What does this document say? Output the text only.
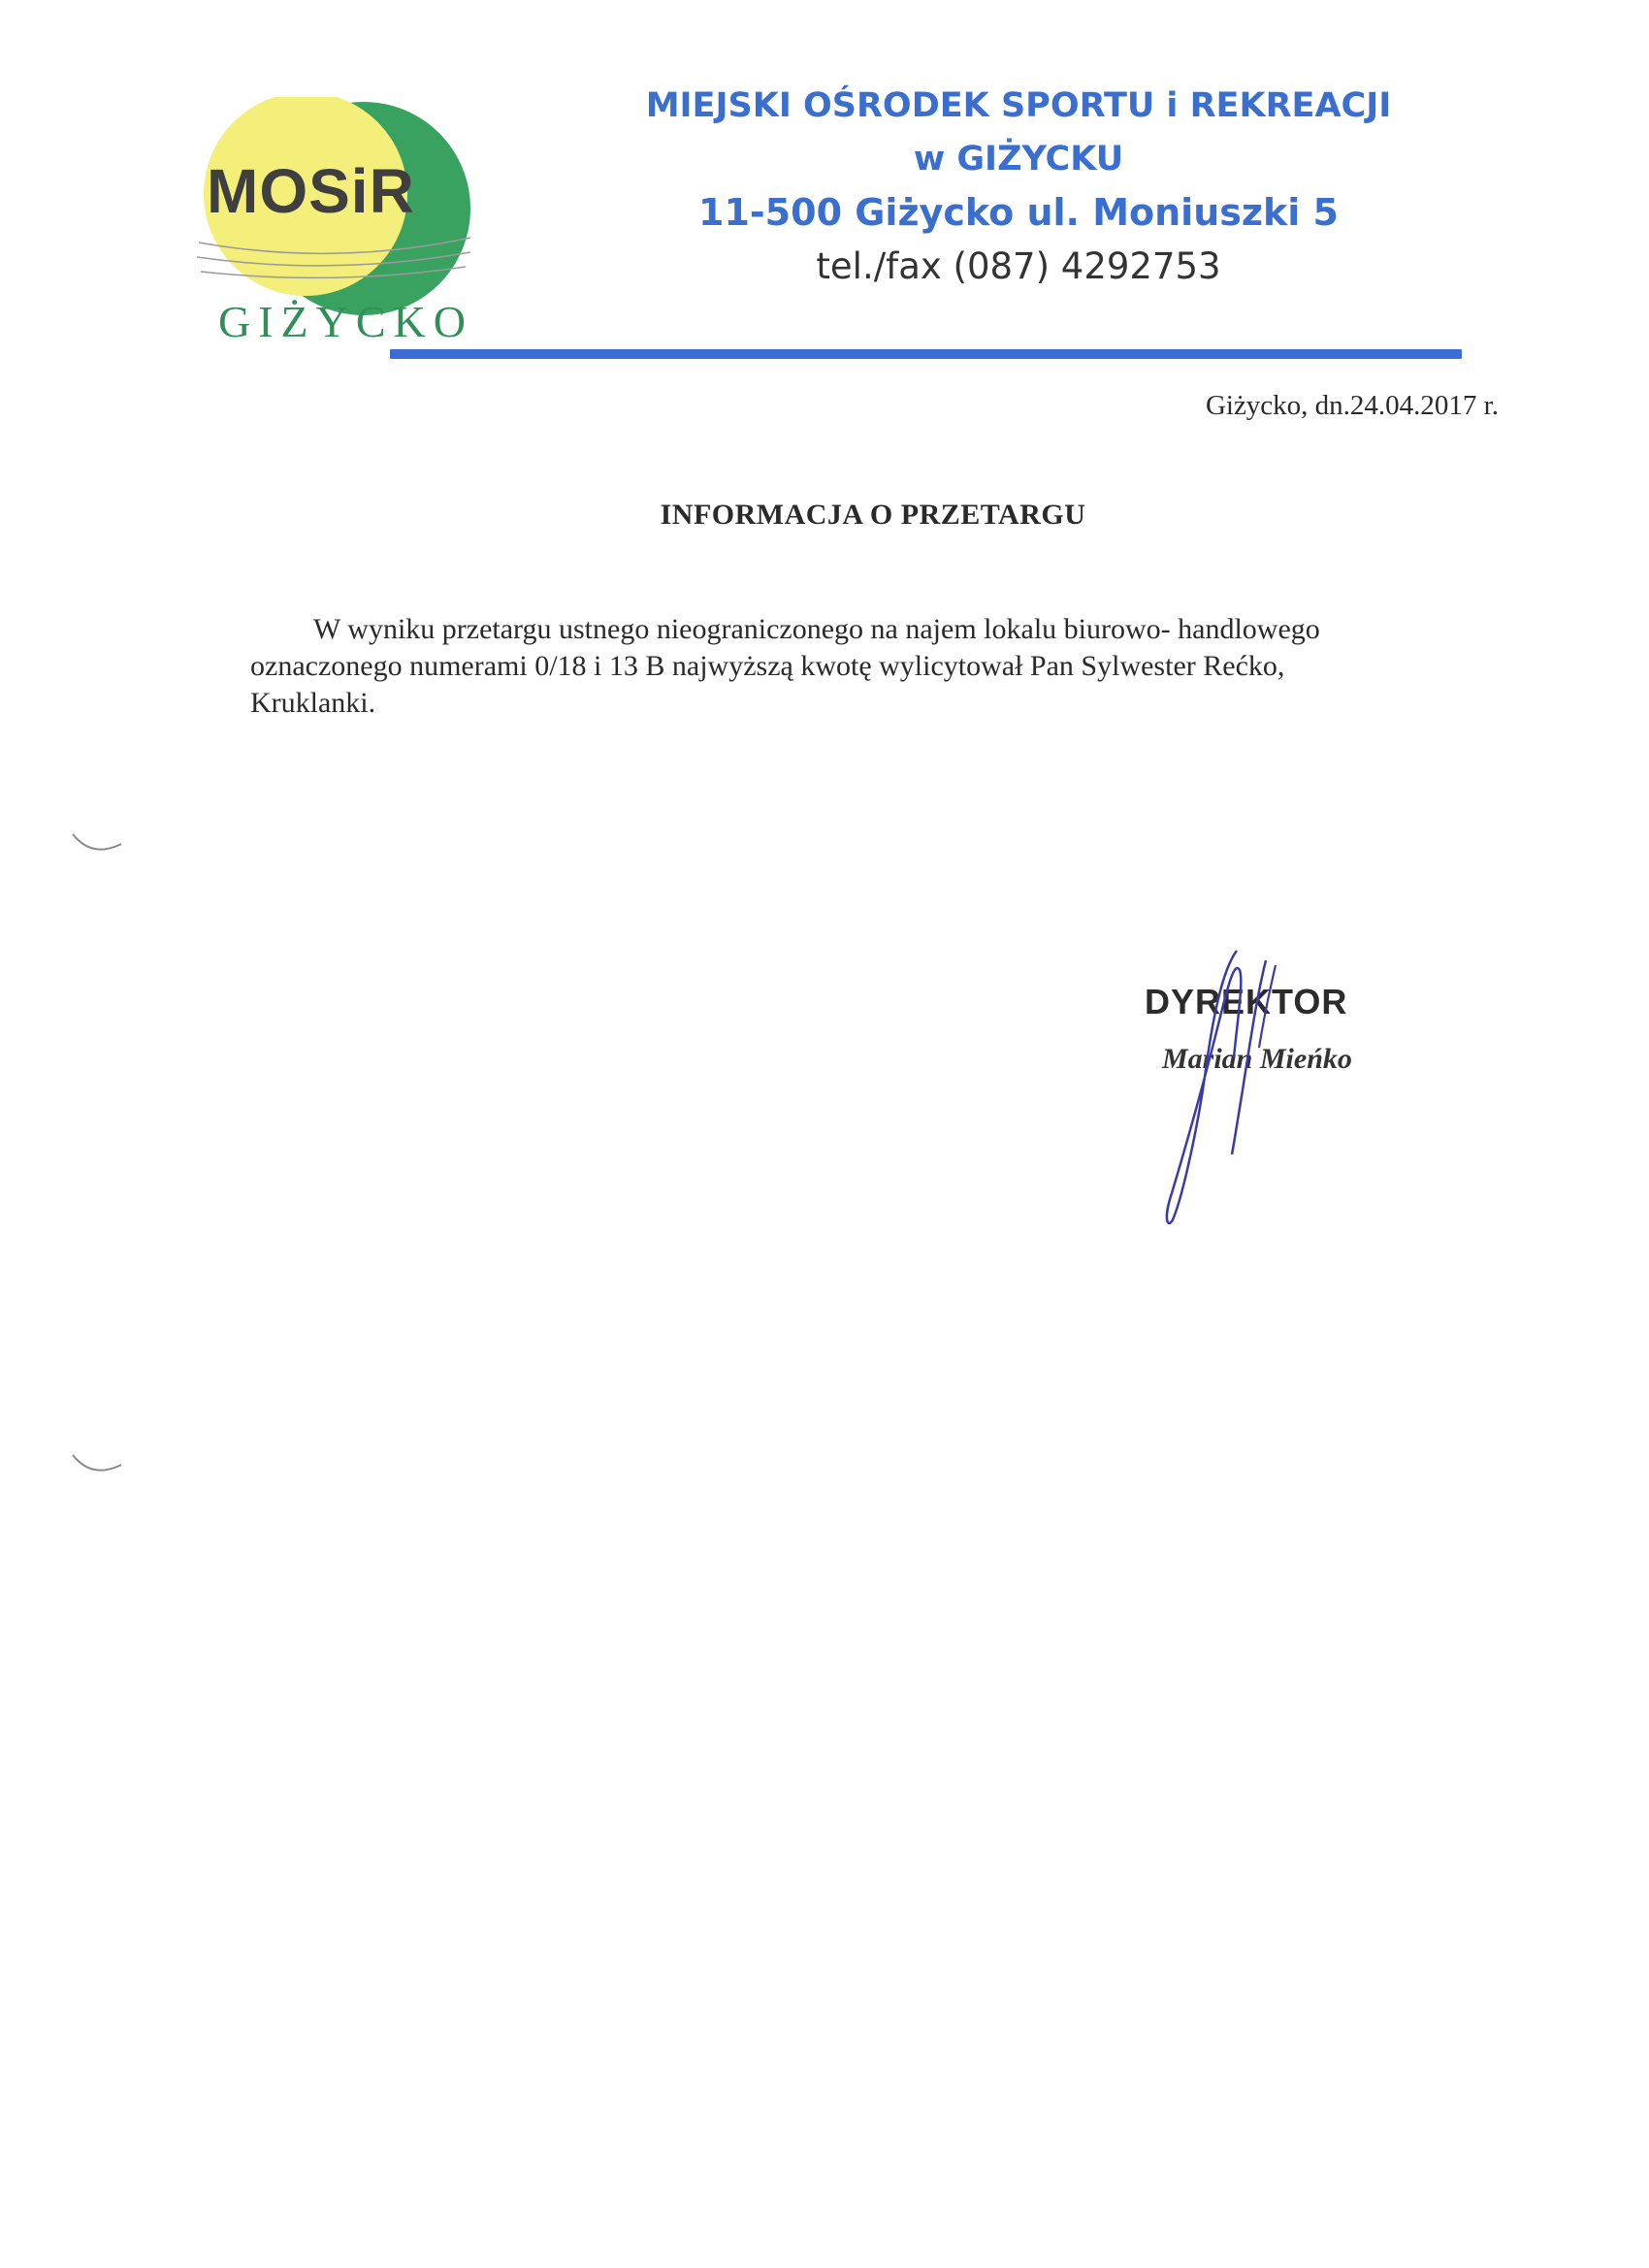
MOSiR
GIŻYCKO
MIEJSKI OŚRODEK SPORTU i REKREACJI
w GIŻYCKU
11-500 Giżycko ul. Moniuszki 5
tel./fax (087) 4292753
Giżycko, dn.24.04.2017 r.
INFORMACJA O PRZETARGU
W wyniku przetargu ustnego nieograniczonego na najem lokalu biurowo- handlowego
oznaczonego numerami 0/18 i 13 B najwyższą kwotę wylicytował Pan Sylwester Rećko,
Kruklanki.
DYREKTOR
Marian Mieńko
